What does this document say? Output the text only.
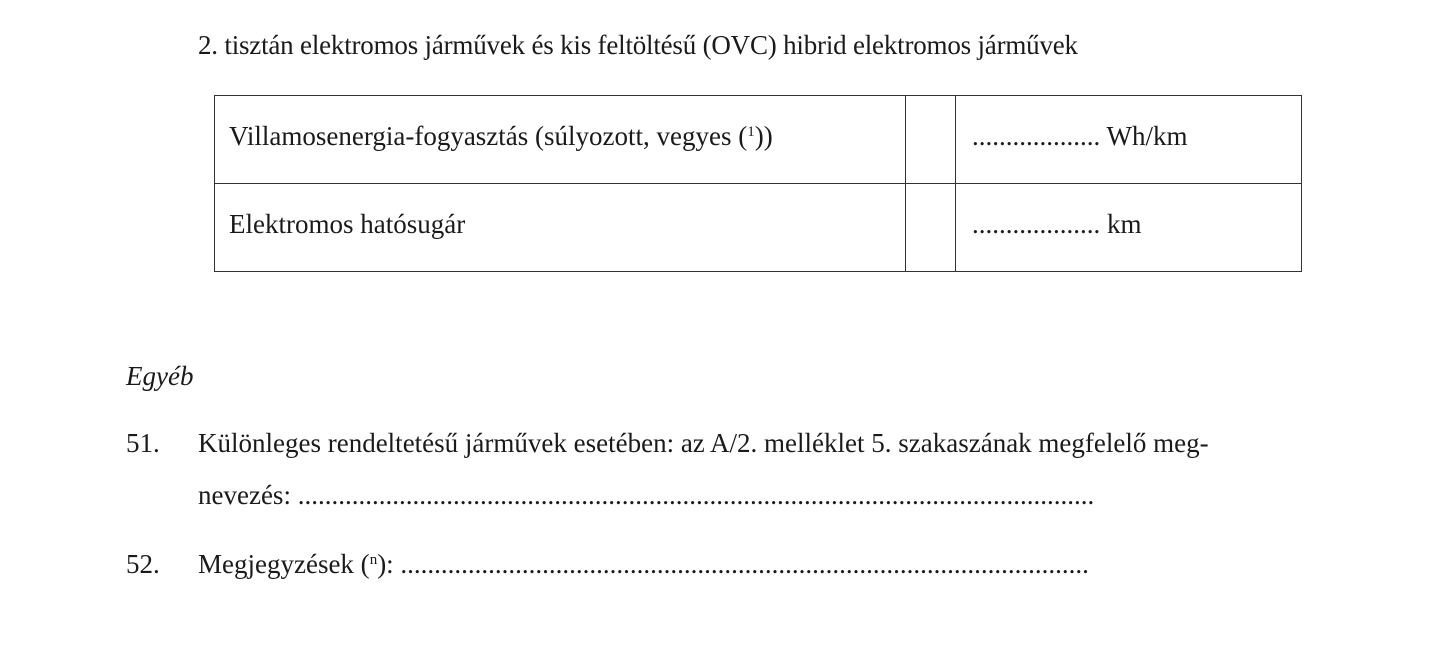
2. tisztán elektromos járművek és kis feltöltésű (OVC) hibrid elektromos járművek
Villamosenergia-fogyasztás (súlyozott, vegyes ($^1$))		................... Wh/km
Elektromos hatósugár		................... km
Egyéb
51. Különleges rendeltetésű járművek esetében: az A/2. melléklet 5. szakaszának megfelelő meg-
nevezés: ......................................................................................................................
52. Megjegyzések ($^n$): ......................................................................................................
